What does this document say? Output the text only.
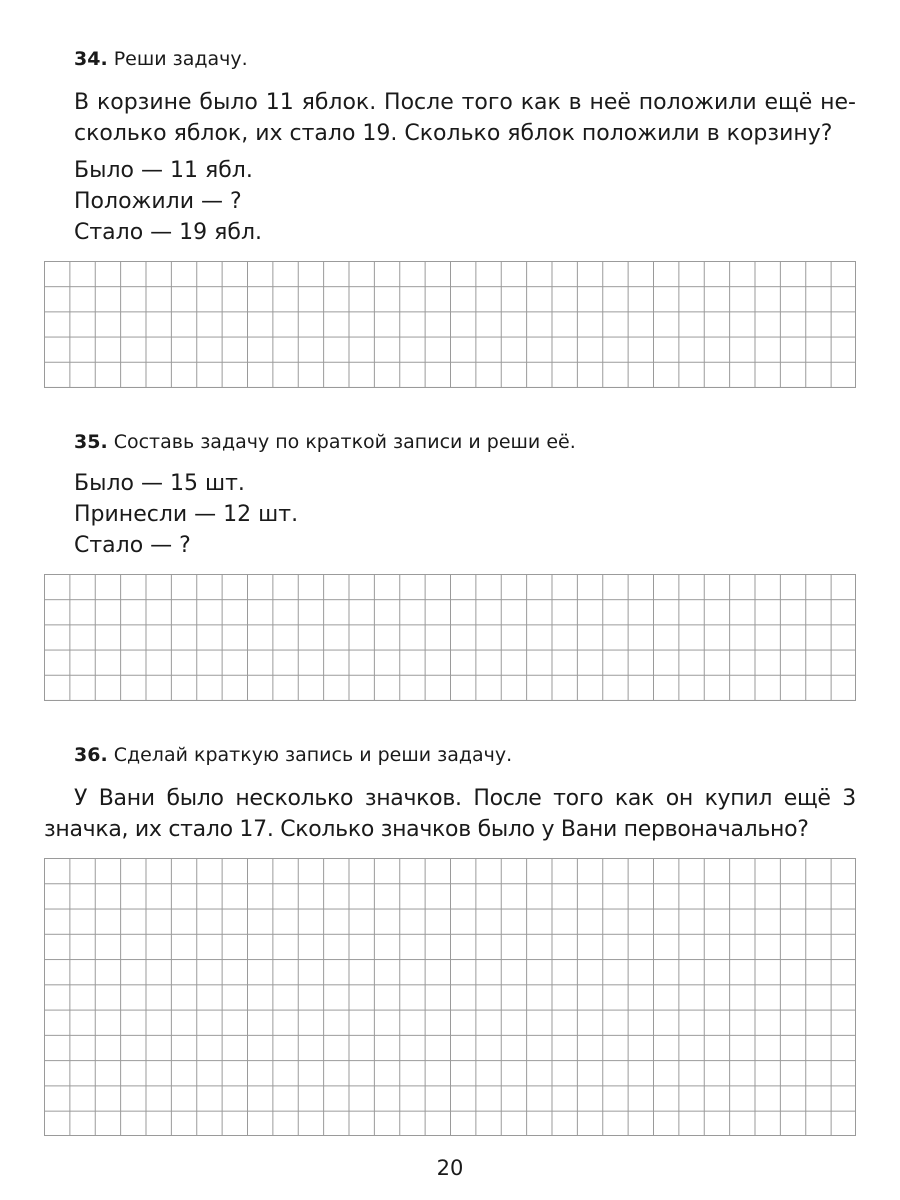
34. Реши задачу.
В корзине было 11 яблок. После того как в неё положили ещё несколько яблок, их стало 19. Сколько яблок положили в корзину?
Было — 11 ябл.
Положили — ?
Стало — 19 ябл.
35. Составь задачу по краткой записи и реши её.
Было — 15 шт.
Принесли — 12 шт.
Стало — ?
36. Сделай краткую запись и реши задачу.
У Вани было несколько значков. После того как он купил ещё 3 значка, их стало 17. Сколько значков было у Вани первоначально?
20
